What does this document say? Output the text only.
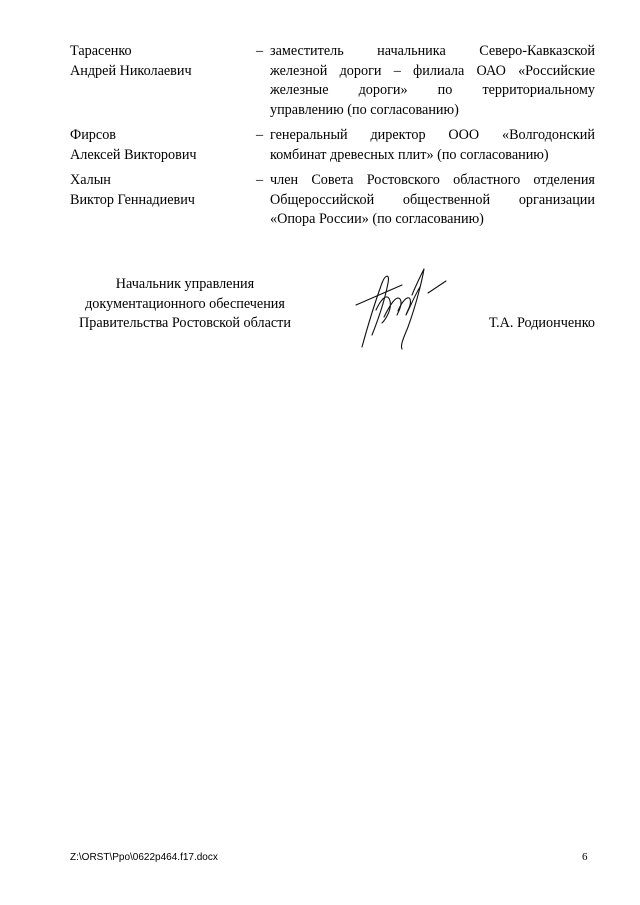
Тарасенко
Андрей Николаевич
– заместитель начальника Северо-Кавказской
железной дороги – филиала ОАО «Российские
железные дороги» по территориальному
управлению (по согласованию)
Фирсов
Алексей Викторович
– генеральный директор ООО «Волгодонский
комбинат древесных плит» (по согласованию)
Халын
Виктор Геннадиевич
– член Совета Ростовского областного отделения
Общероссийской общественной организации
«Опора России» (по согласованию)
Начальник управления
документационного обеспечения
Правительства Ростовской области	Т.А. Родионченко
Z:\ORST\Ppo\0622p464.f17.docx	6
